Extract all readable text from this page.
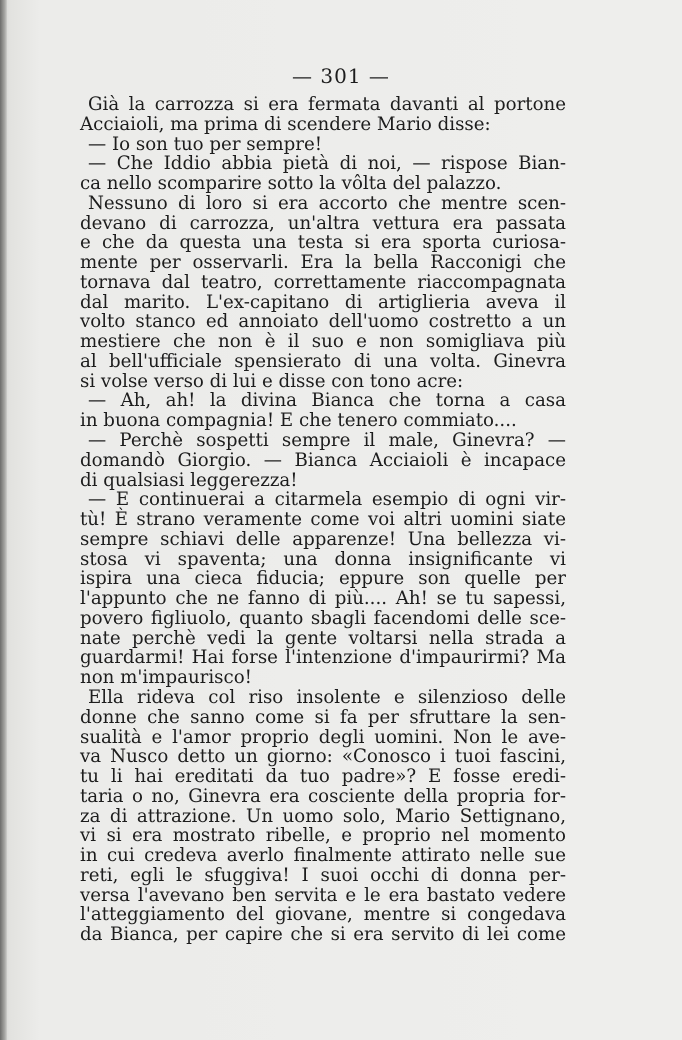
— 301 —
Già la carrozza si era fermata davanti al portone
Acciaioli, ma prima di scendere Mario disse:
— Io son tuo per sempre!
— Che Iddio abbia pietà di noi, — rispose Bian-
ca nello scomparire sotto la vôlta del palazzo.
Nessuno di loro si era accorto che mentre scen-
devano di carrozza, un'altra vettura era passata
e che da questa una testa si era sporta curiosa-
mente per osservarli. Era la bella Racconigi che
tornava dal teatro, correttamente riaccompagnata
dal marito. L'ex-capitano di artiglieria aveva il
volto stanco ed annoiato dell'uomo costretto a un
mestiere che non è il suo e non somigliava più
al bell'ufficiale spensierato di una volta. Ginevra
si volse verso di lui e disse con tono acre:
— Ah, ah! la divina Bianca che torna a casa
in buona compagnia! E che tenero commiato....
— Perchè sospetti sempre il male, Ginevra? —
domandò Giorgio. — Bianca Acciaioli è incapace
di qualsiasi leggerezza!
— E continuerai a citarmela esempio di ogni vir-
tù! È strano veramente come voi altri uomini siate
sempre schiavi delle apparenze! Una bellezza vi-
stosa vi spaventa; una donna insignificante vi
ispira una cieca fiducia; eppure son quelle per
l'appunto che ne fanno di più.... Ah! se tu sapessi,
povero figliuolo, quanto sbagli facendomi delle sce-
nate perchè vedi la gente voltarsi nella strada a
guardarmi! Hai forse l'intenzione d'impaurirmi? Ma
non m'impaurisco!
Ella rideva col riso insolente e silenzioso delle
donne che sanno come si fa per sfruttare la sen-
sualità e l'amor proprio degli uomini. Non le ave-
va Nusco detto un giorno: «Conosco i tuoi fascini,
tu li hai ereditati da tuo padre»? E fosse eredi-
taria o no, Ginevra era cosciente della propria for-
za di attrazione. Un uomo solo, Mario Settignano,
vi si era mostrato ribelle, e proprio nel momento
in cui credeva averlo finalmente attirato nelle sue
reti, egli le sfuggiva! I suoi occhi di donna per-
versa l'avevano ben servita e le era bastato vedere
l'atteggiamento del giovane, mentre si congedava
da Bianca, per capire che si era servito di lei come
